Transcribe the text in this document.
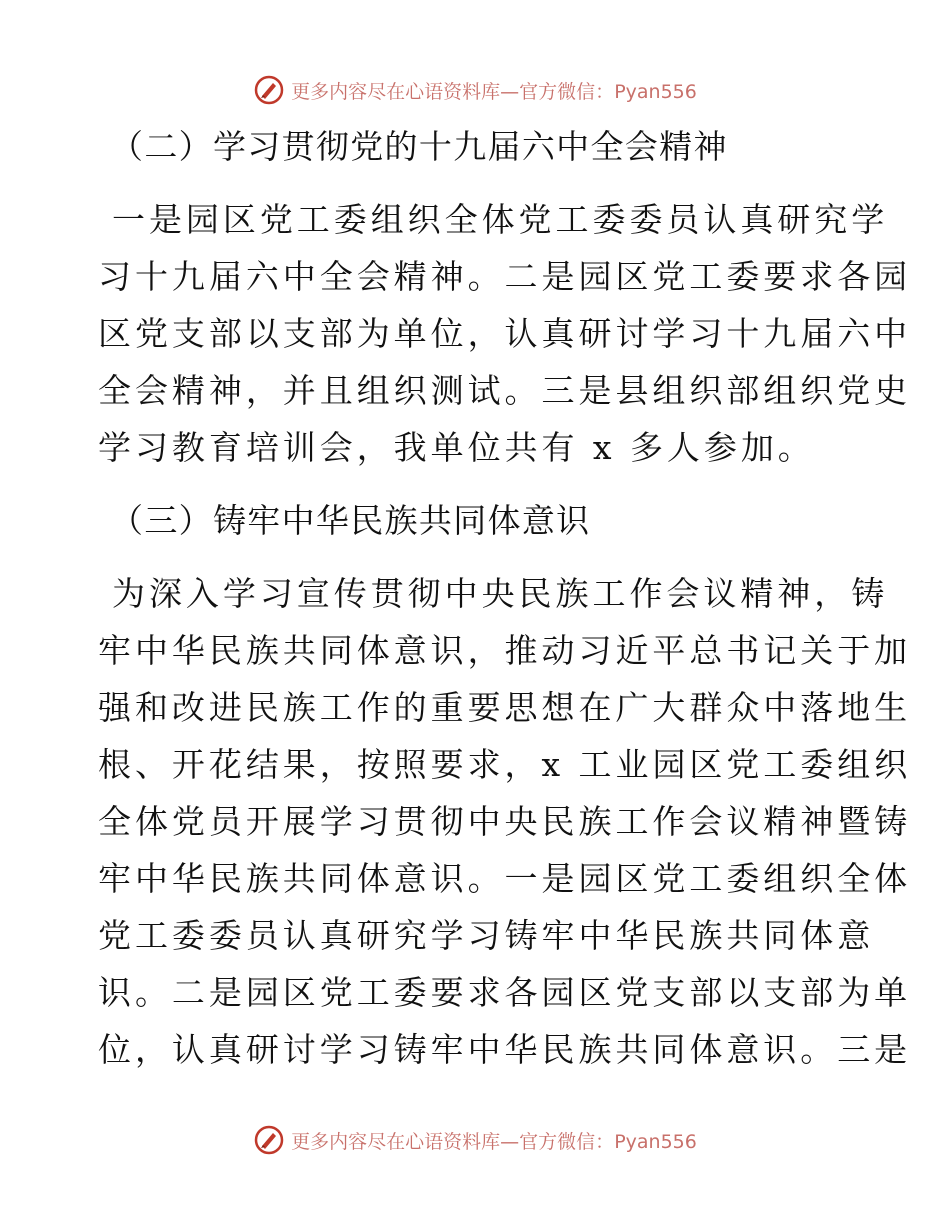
更多内容尽在心语资料库—官方微信：Pyan556
（二）学习贯彻党的十九届六中全会精神
一是园区党工委组织全体党工委委员认真研究学
习十九届六中全会精神。二是园区党工委要求各园
区党支部以支部为单位，认真研讨学习十九届六中
全会精神，并且组织测试。三是县组织部组织党史
学习教育培训会，我单位共有 x 多人参加。
（三）铸牢中华民族共同体意识
为深入学习宣传贯彻中央民族工作会议精神，铸
牢中华民族共同体意识，推动习近平总书记关于加
强和改进民族工作的重要思想在广大群众中落地生
根、开花结果，按照要求，x 工业园区党工委组织
全体党员开展学习贯彻中央民族工作会议精神暨铸
牢中华民族共同体意识。一是园区党工委组织全体
党工委委员认真研究学习铸牢中华民族共同体意
识。二是园区党工委要求各园区党支部以支部为单
位，认真研讨学习铸牢中华民族共同体意识。三是
更多内容尽在心语资料库—官方微信：Pyan556
